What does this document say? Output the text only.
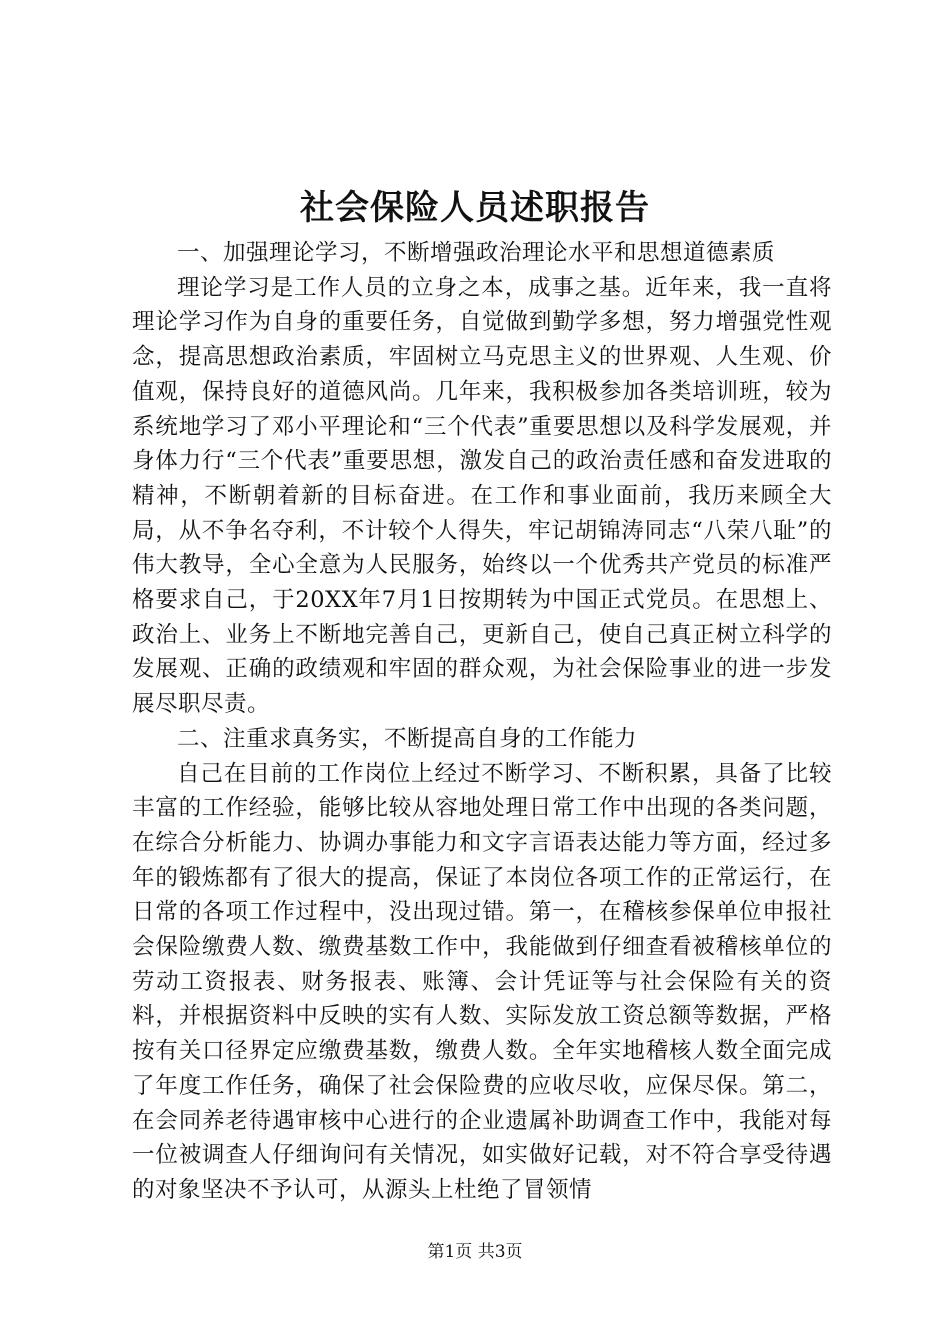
社会保险人员述职报告

一、加强理论学习，不断增强政治理论水平和思想道德素质

理论学习是工作人员的立身之本，成事之基。近年来，我一直将理论学习作为自身的重要任务，自觉做到勤学多想，努力增强党性观念，提高思想政治素质，牢固树立马克思主义的世界观、人生观、价值观，保持良好的道德风尚。几年来，我积极参加各类培训班，较为系统地学习了邓小平理论和“三个代表”重要思想以及科学发展观，并身体力行“三个代表”重要思想，激发自己的政治责任感和奋发进取的精神，不断朝着新的目标奋进。在工作和事业面前，我历来顾全大局，从不争名夺利，不计较个人得失，牢记胡锦涛同志“八荣八耻”的伟大教导，全心全意为人民服务，始终以一个优秀共产党员的标准严格要求自己，于20XX年7月1日按期转为中国正式党员。在思想上、政治上、业务上不断地完善自己，更新自己，使自己真正树立科学的发展观、正确的政绩观和牢固的群众观，为社会保险事业的进一步发展尽职尽责。

二、注重求真务实，不断提高自身的工作能力

自己在目前的工作岗位上经过不断学习、不断积累，具备了比较丰富的工作经验，能够比较从容地处理日常工作中出现的各类问题，在综合分析能力、协调办事能力和文字言语表达能力等方面，经过多年的锻炼都有了很大的提高，保证了本岗位各项工作的正常运行，在日常的各项工作过程中，没出现过错。第一，在稽核参保单位申报社会保险缴费人数、缴费基数工作中，我能做到仔细查看被稽核单位的劳动工资报表、财务报表、账簿、会计凭证等与社会保险有关的资料，并根据资料中反映的实有人数、实际发放工资总额等数据，严格按有关口径界定应缴费基数，缴费人数。全年实地稽核人数全面完成了年度工作任务，确保了社会保险费的应收尽收，应保尽保。第二，在会同养老待遇审核中心进行的企业遗属补助调查工作中，我能对每一位被调查人仔细询问有关情况，如实做好记载，对不符合享受待遇的对象坚决不予认可，从源头上杜绝了冒领情

第1页 共3页
